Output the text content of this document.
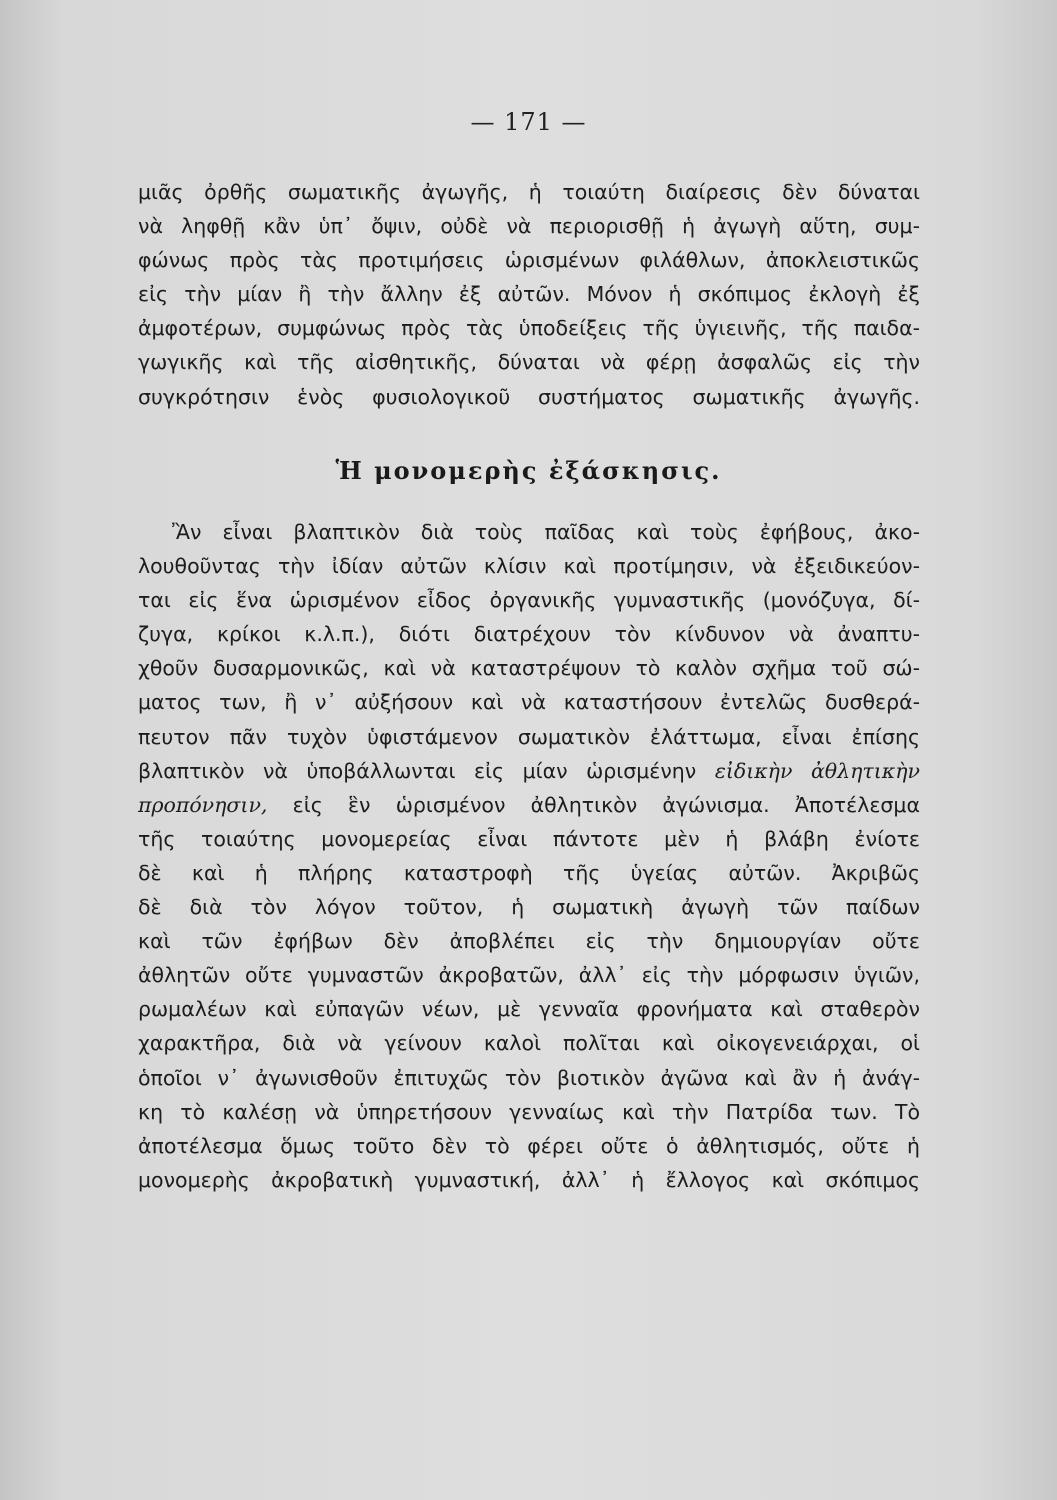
— 171 —
μιᾶς ὀρθῆς σωματικῆς ἀγωγῆς, ἡ τοιαύτη διαίρεσις δὲν δύναται
νὰ ληφθῇ κἂν ὑπ᾽ ὄψιν, οὐδὲ νὰ περιορισθῇ ἡ ἀγωγὴ αὕτη, συμ-
φώνως πρὸς τὰς προτιμήσεις ὡρισμένων φιλάθλων, ἀποκλειστικῶς
εἰς τὴν μίαν ἢ τὴν ἄλλην ἐξ αὐτῶν. Μόνον ἡ σκόπιμος ἐκλογὴ ἐξ
ἀμφοτέρων, συμφώνως πρὸς τὰς ὑποδείξεις τῆς ὑγιεινῆς, τῆς παιδα-
γωγικῆς καὶ τῆς αἰσθητικῆς, δύναται νὰ φέρῃ ἀσφαλῶς εἰς τὴν
συγκρότησιν ἑνὸς φυσιολογικοῦ συστήματος σωματικῆς ἀγωγῆς.
Ἡ μονομερὴς ἐξάσκησις.
Ἂν εἶναι βλαπτικὸν διὰ τοὺς παῖδας καὶ τοὺς ἐφήβους, ἀκο-
λουθοῦντας τὴν ἰδίαν αὐτῶν κλίσιν καὶ προτίμησιν, νὰ ἐξειδικεύον-
ται εἰς ἕνα ὡρισμένον εἶδος ὀργανικῆς γυμναστικῆς (μονόζυγα, δί-
ζυγα, κρίκοι κ.λ.π.), διότι διατρέχουν τὸν κίνδυνον νὰ ἀναπτυ-
χθοῦν δυσαρμονικῶς, καὶ νὰ καταστρέψουν τὸ καλὸν σχῆμα τοῦ σώ-
ματος των, ἢ ν᾽ αὐξήσουν καὶ νὰ καταστήσουν ἐντελῶς δυσθερά-
πευτον πᾶν τυχὸν ὑφιστάμενον σωματικὸν ἐλάττωμα, εἶναι ἐπίσης
βλαπτικὸν νὰ ὑποβάλλωνται εἰς μίαν ὡρισμένην εἰδικὴν ἀθλητικὴν
προπόνησιν, εἰς ἓν ὡρισμένον ἀθλητικὸν ἀγώνισμα. Ἀποτέλεσμα
τῆς τοιαύτης μονομερείας εἶναι πάντοτε μὲν ἡ βλάβη ἐνίοτε
δὲ καὶ ἡ πλήρης καταστροφὴ τῆς ὑγείας αὐτῶν. Ἀκριβῶς
δὲ διὰ τὸν λόγον τοῦτον, ἡ σωματικὴ ἀγωγὴ τῶν παίδων
καὶ τῶν ἐφήβων δὲν ἀποβλέπει εἰς τὴν δημιουργίαν οὔτε
ἀθλητῶν οὔτε γυμναστῶν ἀκροβατῶν, ἀλλ᾽ εἰς τὴν μόρφωσιν ὑγιῶν,
ρωμαλέων καὶ εὐπαγῶν νέων, μὲ γενναῖα φρονήματα καὶ σταθερὸν
χαρακτῆρα, διὰ νὰ γείνουν καλοὶ πολῖται καὶ οἰκογενειάρχαι, οἱ
ὁποῖοι ν᾽ ἀγωνισθοῦν ἐπιτυχῶς τὸν βιοτικὸν ἀγῶνα καὶ ἂν ἡ ἀνάγ-
κη τὸ καλέσῃ νὰ ὑπηρετήσουν γενναίως καὶ τὴν Πατρίδα των. Τὸ
ἀποτέλεσμα ὅμως τοῦτο δὲν τὸ φέρει οὔτε ὁ ἀθλητισμός, οὔτε ἡ
μονομερὴς ἀκροβατικὴ γυμναστική, ἀλλ᾽ ἡ ἔλλογος καὶ σκόπιμος
